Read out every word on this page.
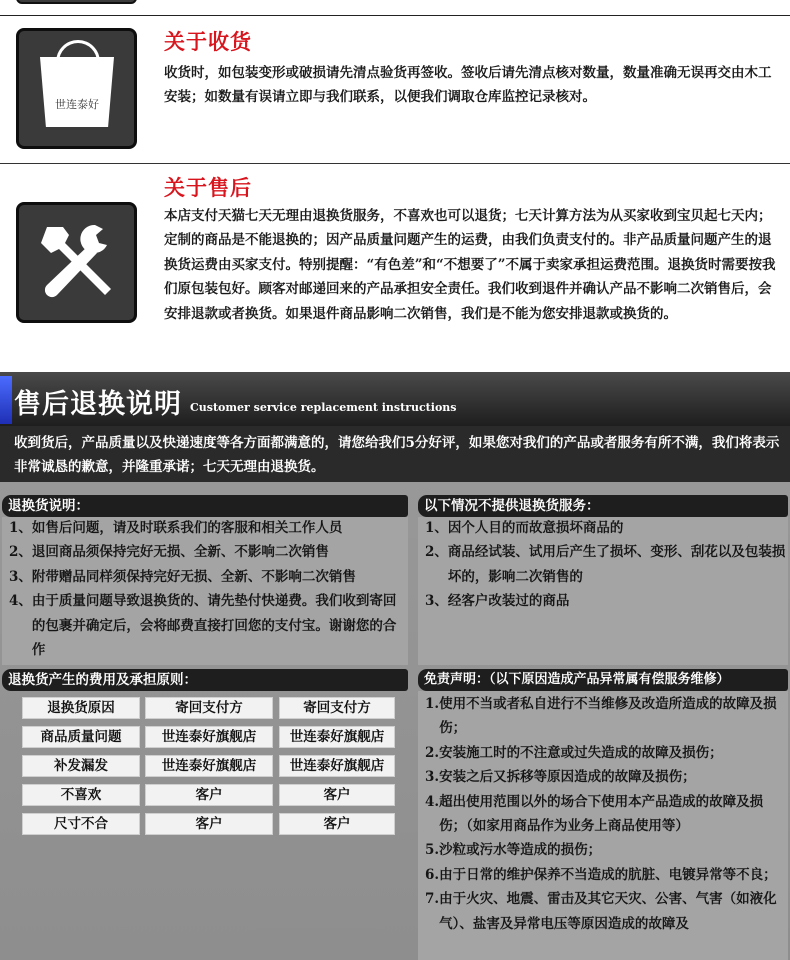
世连泰好
关于收货
收货时，如包装变形或破损请先清点验货再签收。签收后请先清点核对数量，数量准确无误再交由木工安装；如数量有误请立即与我们联系，以便我们调取仓库监控记录核对。
关于售后
本店支付天猫七天无理由退换货服务，不喜欢也可以退货；七天计算方法为从买家收到宝贝起七天内；定制的商品是不能退换的；因产品质量问题产生的运费，由我们负责支付的。非产品质量问题产生的退换货运费由买家支付。特别提醒：“有色差”和“不想要了”不属于卖家承担运费范围。退换货时需要按我们原包装包好。顾客对邮递回来的产品承担安全责任。我们收到退件并确认产品不影响二次销售后，会安排退款或者换货。如果退件商品影响二次销售，我们是不能为您安排退款或换货的。
售后退换说明 Customer service replacement instructions
收到货后，产品质量以及快递速度等各方面都满意的，请您给我们5分好评，如果您对我们的产品或者服务有所不满，我们将表示非常诚恳的歉意，并隆重承诺；七天无理由退换货。
退换货说明：
1、 如售后问题，请及时联系我们的客服和相关工作人员
2、 退回商品须保持完好无损、全新、不影响二次销售
3、 附带赠品同样须保持完好无损、全新、不影响二次销售
4、 由于质量问题导致退换货的、请先垫付快递费。我们收到寄回的包裹并确定后，会将邮费直接打回您的支付宝。谢谢您的合作
以下情况不提供退换货服务：
1、 因个人目的而故意损坏商品的
2、 商品经试装、试用后产生了损坏、变形、刮花以及包装损坏的，影响二次销售的
3、 经客户改装过的商品
退换货产生的费用及承担原则：
退换货原因	寄回支付方	寄回支付方
商品质量问题	世连泰好旗舰店	世连泰好旗舰店
补发漏发	世连泰好旗舰店	世连泰好旗舰店
不喜欢	客户	客户
尺寸不合	客户	客户
免责声明：（以下原因造成产品异常属有偿服务维修）
1. 使用不当或者私自进行不当维修及改造所造成的故障及损伤；
2. 安装施工时的不注意或过失造成的故障及损伤；
3. 安装之后又拆移等原因造成的故障及损伤；
4. 超出使用范围以外的场合下使用本产品造成的故障及损伤；（如家用商品作为业务上商品使用等）
5. 沙粒或污水等造成的损伤；
6. 由于日常的维护保养不当造成的肮脏、电镀异常等不良；
7. 由于火灾、地震、雷击及其它天灾、公害、气害（如液化气）、盐害及异常电压等原因造成的故障及
